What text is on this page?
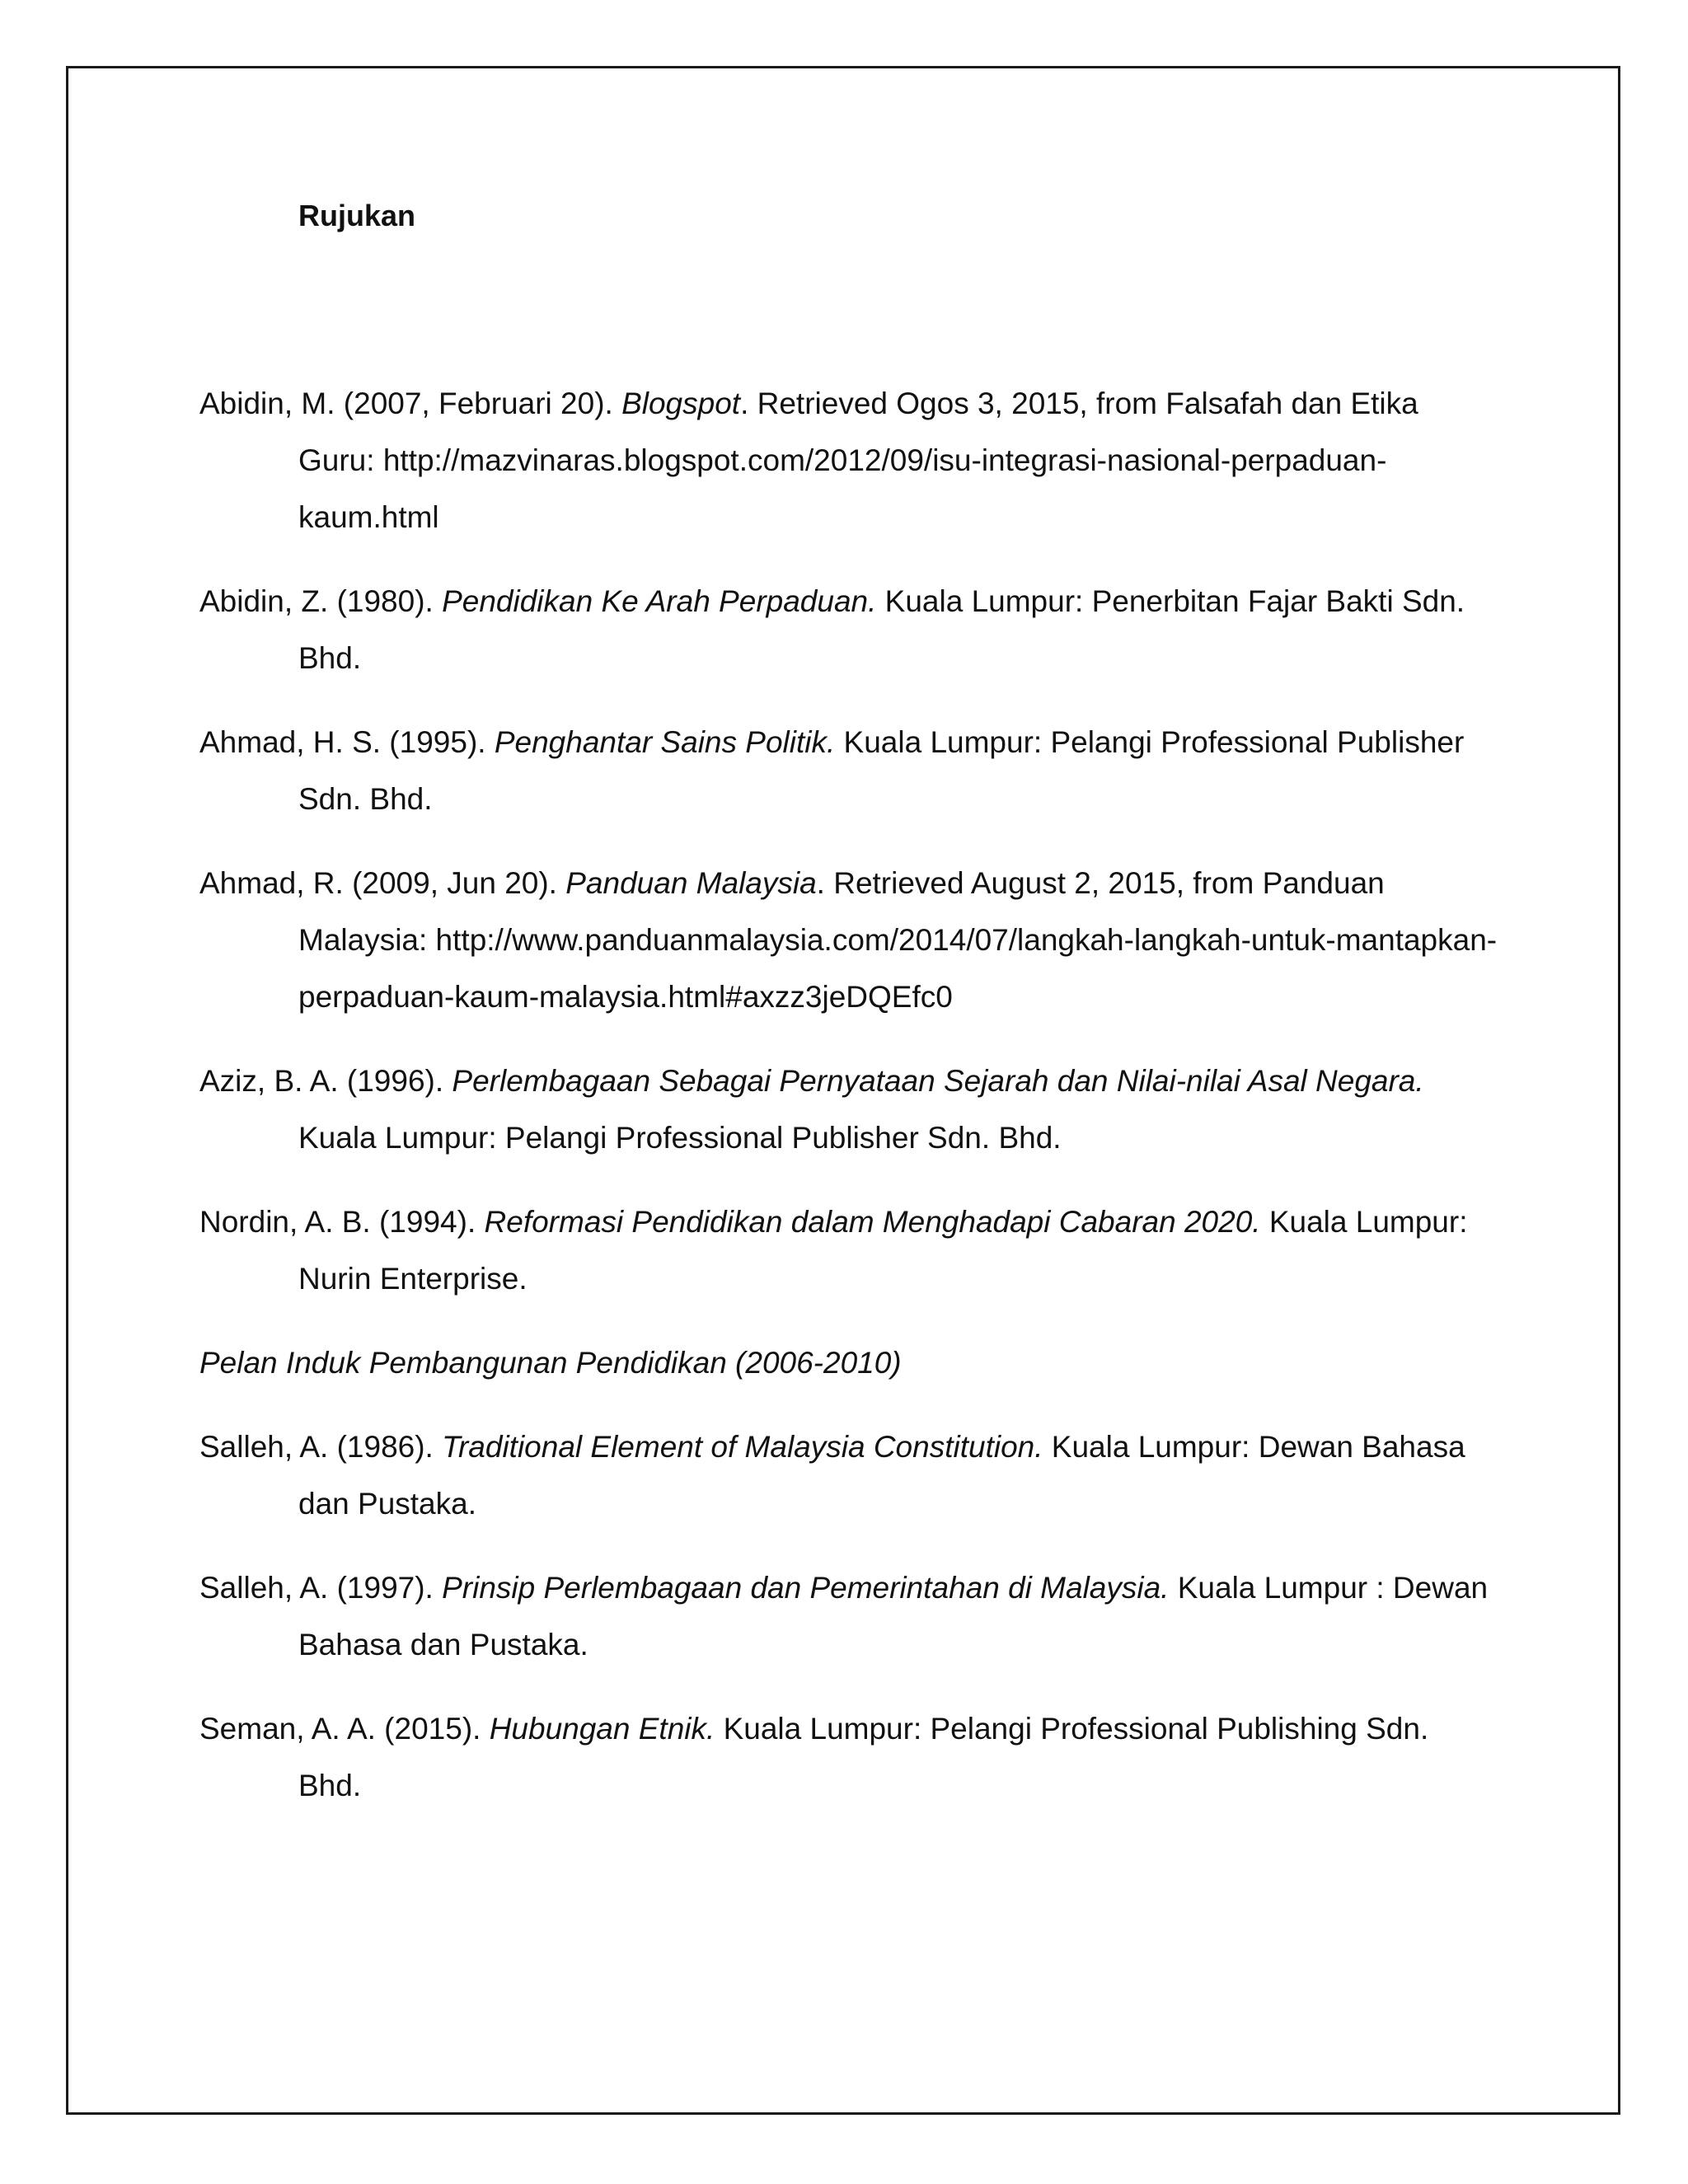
Rujukan
Abidin, M. (2007, Februari 20). Blogspot. Retrieved Ogos 3, 2015, from Falsafah dan Etika Guru: http://mazvinaras.blogspot.com/2012/09/isu-integrasi-nasional-perpaduan-kaum.html
Abidin, Z. (1980). Pendidikan Ke Arah Perpaduan. Kuala Lumpur: Penerbitan Fajar Bakti Sdn. Bhd.
Ahmad, H. S. (1995). Penghantar Sains Politik. Kuala Lumpur: Pelangi Professional Publisher Sdn. Bhd.
Ahmad, R. (2009, Jun 20). Panduan Malaysia. Retrieved August 2, 2015, from Panduan Malaysia: http://www.panduanmalaysia.com/2014/07/langkah-langkah-untuk-mantapkan-perpaduan-kaum-malaysia.html#axzz3jeDQEfc0
Aziz, B. A. (1996). Perlembagaan Sebagai Pernyataan Sejarah dan Nilai-nilai Asal Negara. Kuala Lumpur: Pelangi Professional Publisher Sdn. Bhd.
Nordin, A. B. (1994). Reformasi Pendidikan dalam Menghadapi Cabaran 2020. Kuala Lumpur: Nurin Enterprise.
Pelan Induk Pembangunan Pendidikan (2006-2010)
Salleh, A. (1986). Traditional Element of Malaysia Constitution. Kuala Lumpur: Dewan Bahasa dan Pustaka.
Salleh, A. (1997). Prinsip Perlembagaan dan Pemerintahan di Malaysia. Kuala Lumpur : Dewan Bahasa dan Pustaka.
Seman, A. A. (2015). Hubungan Etnik. Kuala Lumpur: Pelangi Professional Publishing Sdn. Bhd.
